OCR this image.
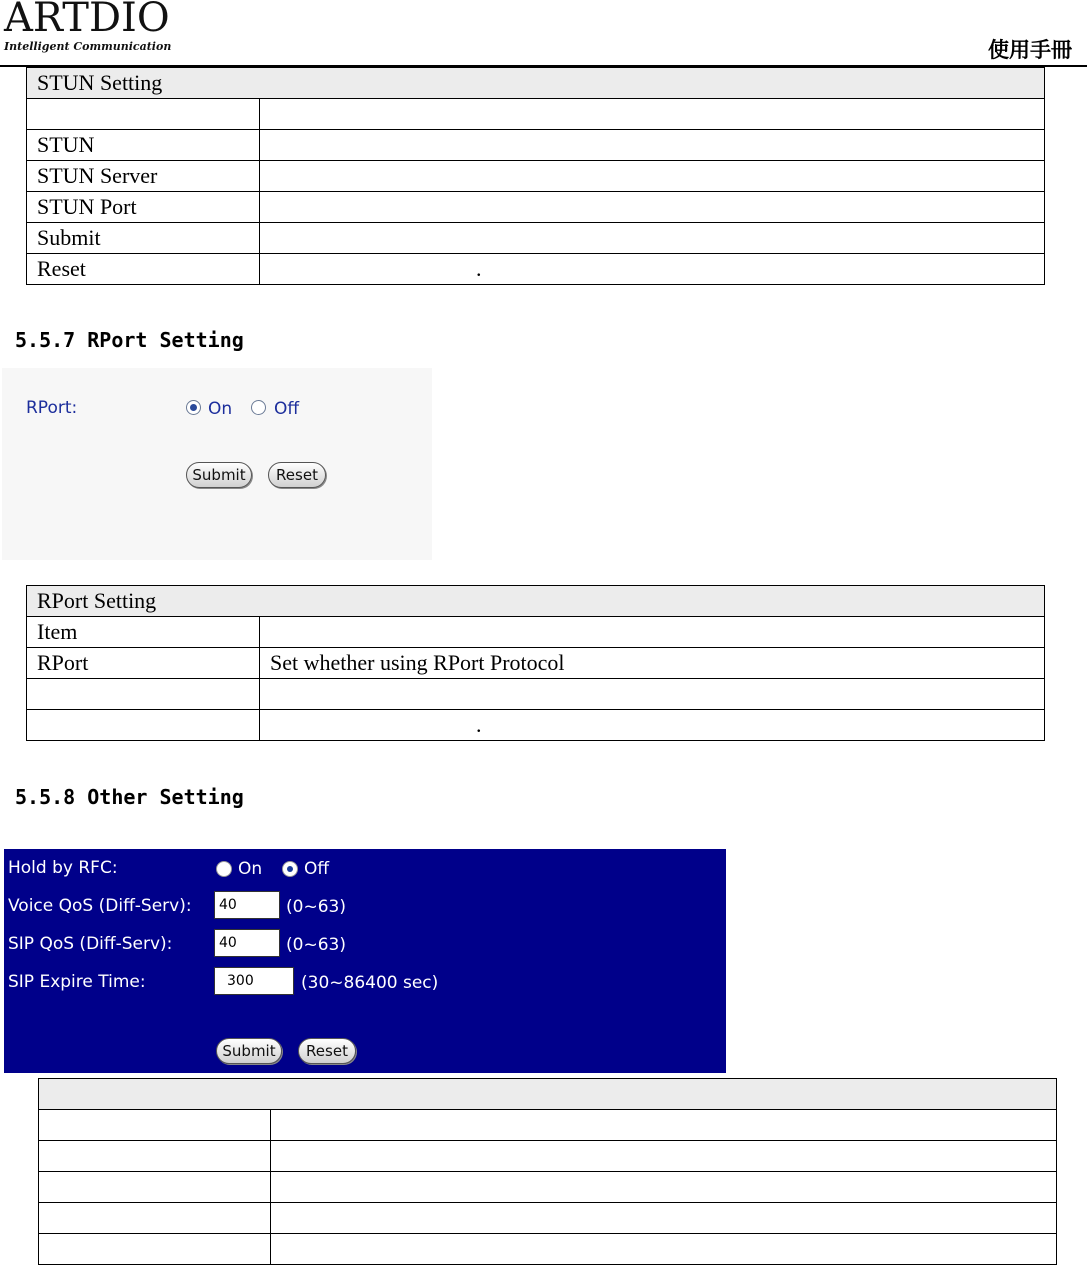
ARTDIO
Intelligent Communication	使用手冊
STUN Setting	

STUN	
STUN Server	
STUN Port	
Submit	
Reset	.
5.5.7 RPort Setting
RPort:	On Off
Submit	Reset
RPort Setting	
Item	
RPort	Set whether using RPort Protocol

	.
5.5.8 Other Setting
Hold by RFC:	On Off
Voice QoS (Diff-Serv):	40	(0~63)
SIP QoS (Diff-Serv):	40	(0~63)
SIP Expire Time:	300	(30~86400 sec)
Submit	Reset
